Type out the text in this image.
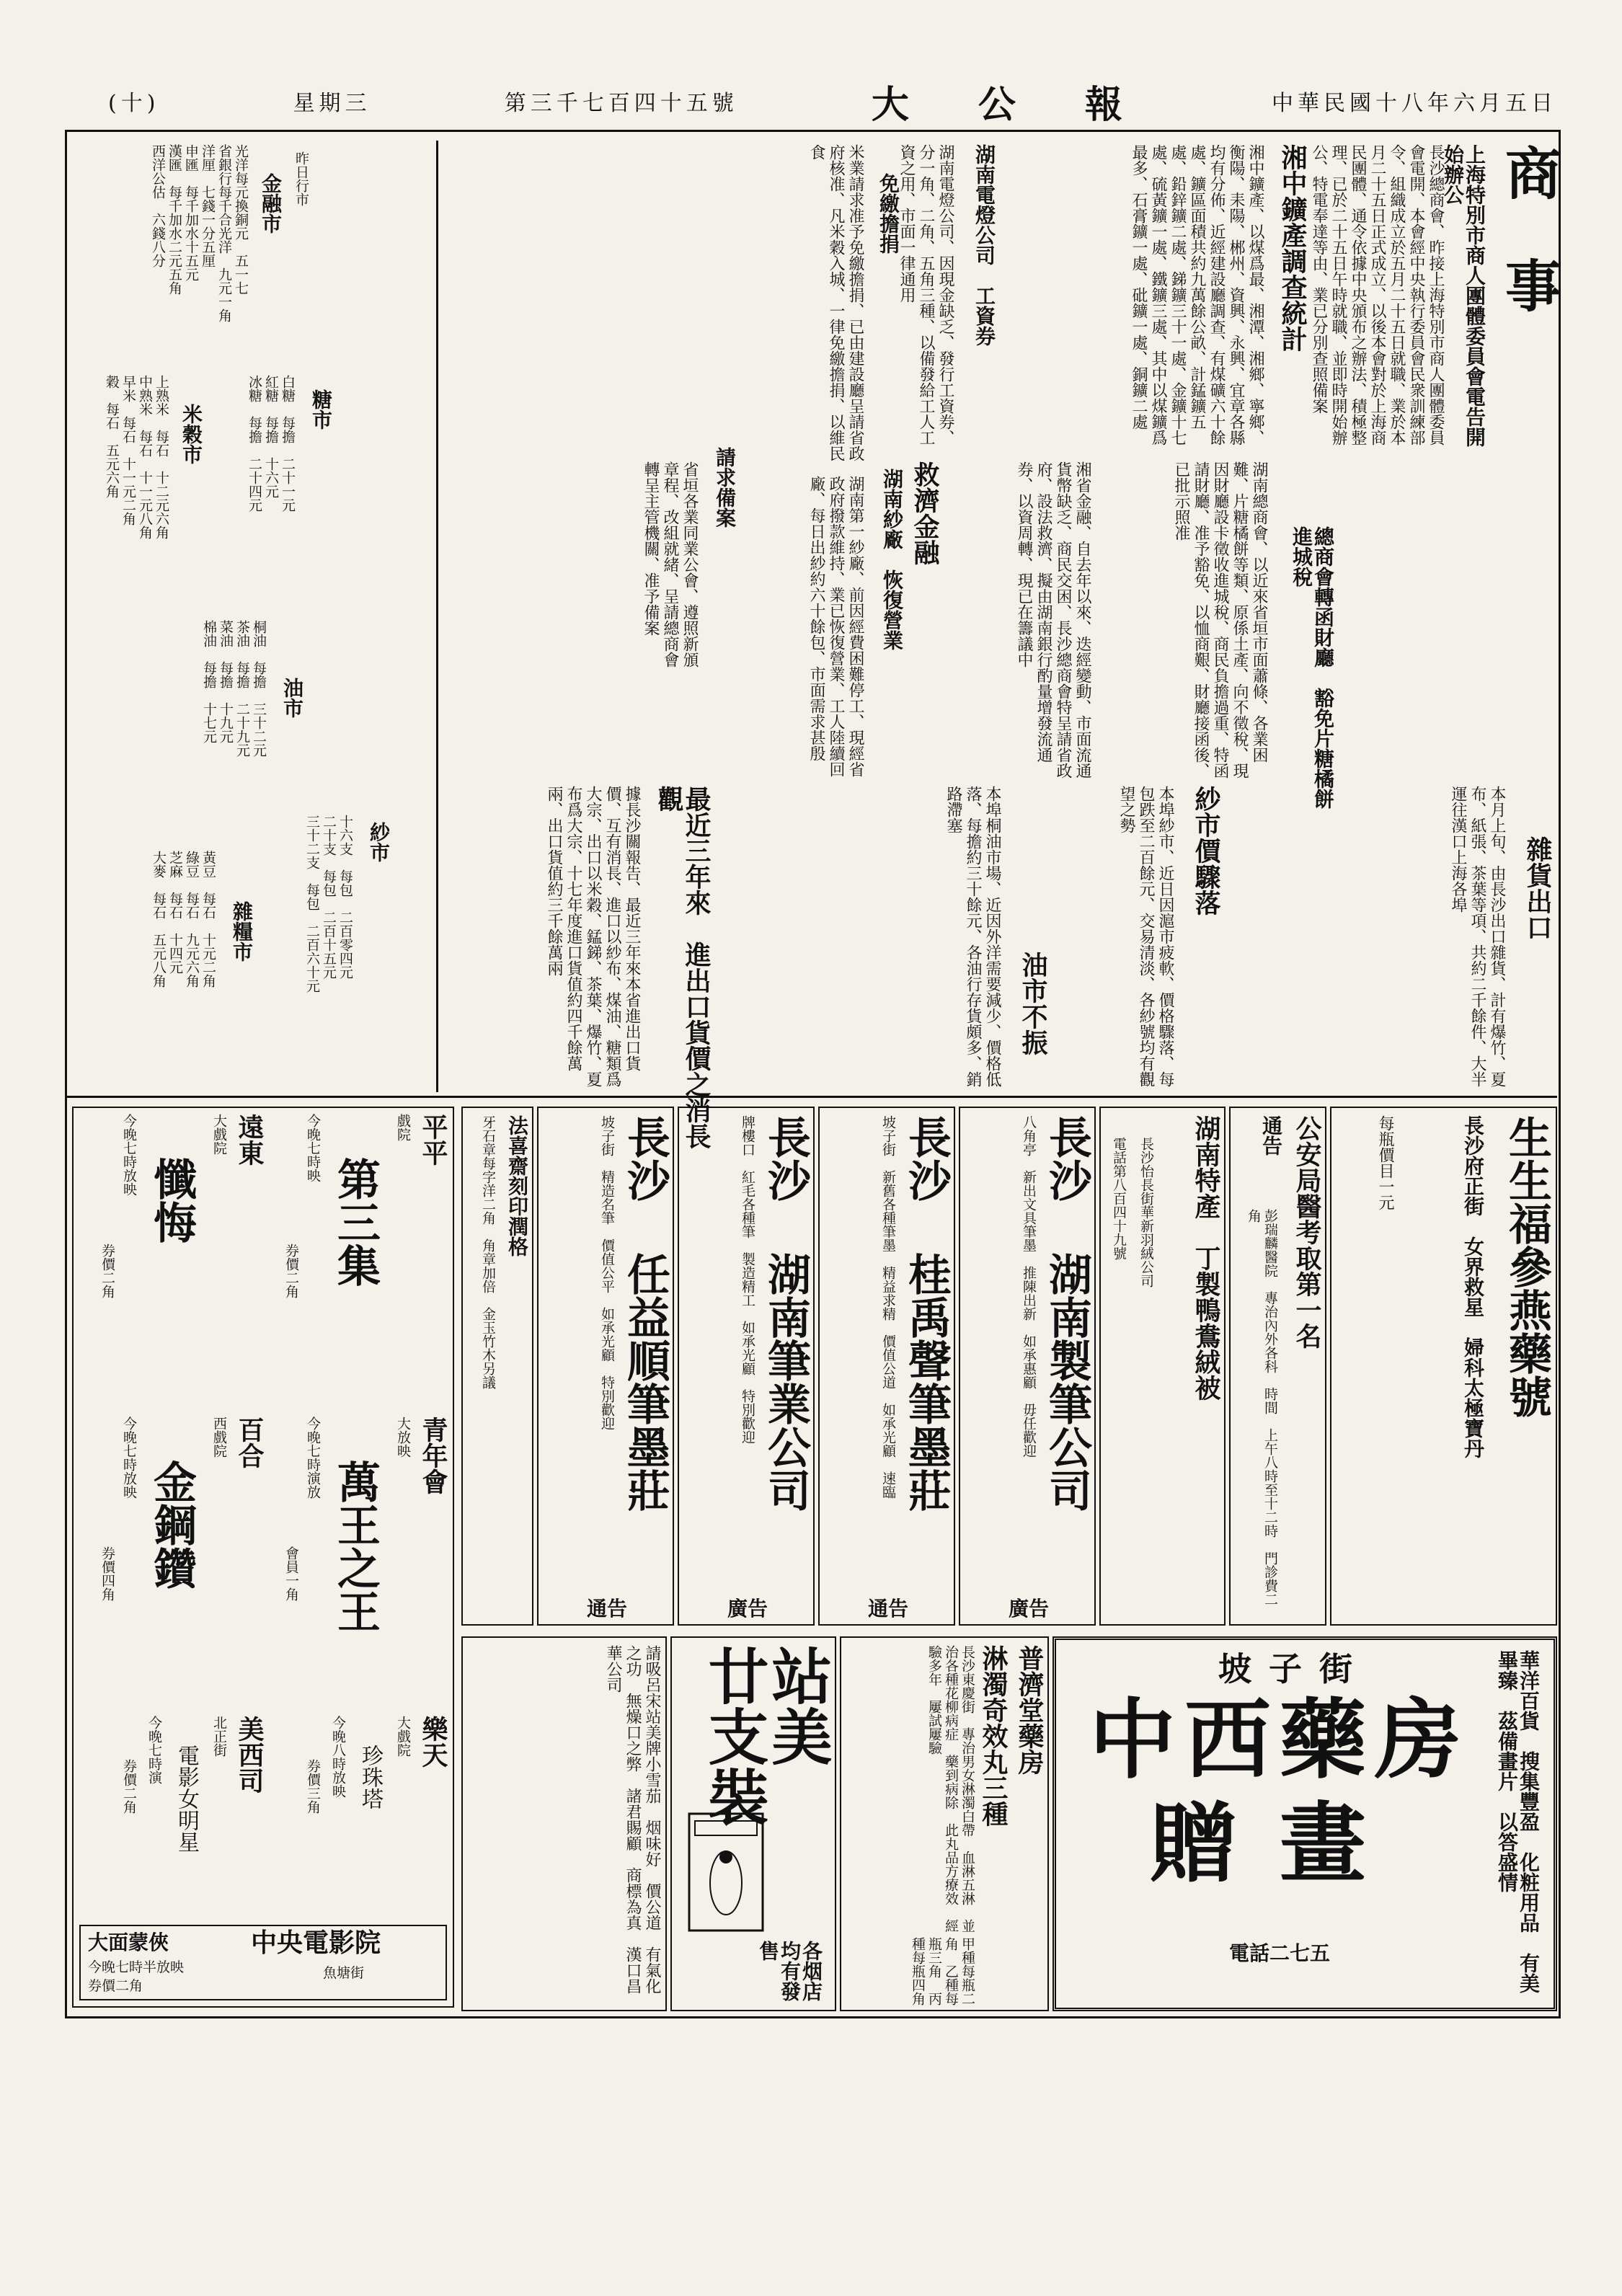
(十)	星期三	第三千七百四十五號	大　公　報	中華民國十八年六月五日
商　事
上海特別市商人團體委員會電告開始辦公
長沙總商會、昨接上海特別市商人團體委員會電開、本會經中央執行委員會民衆訓練部令、組織成立於五月二十五日就職、業於本月二十五日正式成立、以後本會對於上海商民團體、通令依據中央頒布之辦法、積極整理、已於二十五日午時就職、並即時開始辦公、特電奉達等由、業已分別查照備案
湘中鑛產調查統計
湘中鑛產、以煤爲最、湘潭、湘鄉、寧鄉、衡陽、耒陽、郴州、資興、永興、宜章各縣均有分佈、近經建設廳調查、有煤礦六十餘處、鑛區面積共約九萬餘公畝、計錳鑛五處、鉛鋅鑛二處、銻鑛三十一處、金鑛十七處、硫黃鑛一處、鐵鑛三處、其中以煤鑛爲最多、石膏鑛一處、砒鑛一處、銅鑛二處
總商會轉函財廳　豁免片糖橘餅進城稅
湖南總商會、以近來省垣市面蕭條、各業困難、片糖橘餅等類、原係土產、向不徵稅、現因財廳設卡徵收進城稅、商民負擔過重、特函請財廳、准予豁免、以恤商艱、財廳接函後、已批示照准
免繳擔捐
米業請求准予免繳擔捐、已由建設廳呈請省政府核准、凡米穀入城、一律免繳擔捐、以維民食
湖南紗廠　恢復營業
湖南第一紗廠、前因經費困難停工、現經省政府撥款維持、業已恢復營業、工人陸續回廠、每日出紗約六十餘包、市面需求甚殷	救濟金融	湘省金融、自去年以來、迭經變動、市面流通貨幣缺乏、商民交困、長沙總商會特呈請省政府、設法救濟、擬由湖南銀行酌量增發流通券、以資周轉、現已在籌議中
請求備案
省垣各業同業公會、遵照新頒章程、改組就緒、呈請總商會轉呈主管機關、准予備案
湖南電燈公司　工資券
湖南電燈公司、因現金缺乏、發行工資券、分一角、二角、五角三種、以備發給工人工資之用、市面一律通用
紗市價驟落
本埠紗市、近日因滬市疲軟、價格驟落、每包跌至二百餘元、交易清淡、各紗號均有觀望之勢
最近三年來　進出口貨價之消長觀
據長沙關報告、最近三年來本省進出口貨價、互有消長、進口以紗布、煤油、糖類爲大宗、出口以米穀、錳銻、茶葉、爆竹、夏布爲大宗、十七年度進口貨值約四千餘萬兩、出口貨值約三千餘萬兩
油市不振
本埠桐油市場、近因外洋需要減少、價格低落、每擔約三十餘元、各油行存貨頗多、銷路滯塞
雜貨出口
本月上旬、由長沙出口雜貨、計有爆竹、夏布、紙張、茶葉等項、共約二千餘件、大半運往漢口上海各埠
金融市 昨日行市
光洋每元換銅元　五一七
省銀行每千合光洋　九元一角
洋厘　七錢一分五厘
申匯　每千加水十五元
漢匯　每千加水二元五角
西洋公估　六錢八分
糖市
白糖　每擔　二十一元
紅糖　每擔　十六元
冰糖　每擔　二十四元
米穀市
上熟米　每石　十二元六角
中熟米　每石　十一元八角
早米　每石　十一元二角
穀　每石　五元六角
油市
桐油　每擔　三十二元
茶油　每擔　二十九元
菜油　每擔　十九元
棉油　每擔　十七元
紗市
十六支　每包　二百零四元
二十支　每包　二百十五元
三十二支　每包　二百六十元
雜糧市
黃豆　每石　十元二角
綠豆　每石　九元六角
芝麻　每石　十四元
大麥　每石　五元八角
遠東
大戲院
懺悔
今晚七時放映
券價二角
平平
戲院
第三集
今晚七時映
券價二角
百合
西戲院
金鋼鑽
今晚七時放映
券價四角
青年會
大放映
萬王之王
今晚七時演放
會員一角
美西司
北正街
電影女明星
今晚七時演
券價二角
樂天
大戲院
珍珠塔
今晚八時放映
券價三角
中央電影院
魚塘街
大面蒙俠
今晚七時半放映
券價二角
法喜齋刻印潤格
牙石章每字洋二角　角章加倍　金玉竹木另議	長沙 任益順筆墨莊
坡子街　精造名筆　價值公平　如承光顧　特別歡迎
通告
長沙 湖南筆業公司
牌樓口　紅毛各種筆　製造精工　如承光顧　特別歡迎
廣告
長沙 桂禹聲筆墨莊
坡子街　新舊各種筆墨　精益求精　價值公道　如承光顧　速臨
通告
長沙 湖南製筆公司
八角亭　新出文具筆墨　推陳出新　如承惠顧　毋任歡迎
廣告
湖南特產　丁製鴨鴦絨被
長沙怡長街華新羽絨公司
電話第八百四十九號	公安局醫考取第一名
通告
彭瑞麟醫院　專治內外各科　時間　上午八時至十二時　門診費二角	生生福參燕藥號
長沙府正街　女界救星　婦科太極寶丹
每瓶價目一元
請吸呂宋站美牌小雪茄　烟味好　價公道　有氣化之功　無燥口之弊　諸君賜顧　商標為真　漢口昌華公司	站美　廿支裝
各烟店均有發售
普濟堂藥房
淋濁奇效丸三種
長沙東慶街　專治男女淋濁白帶　血淋五淋　並治各種花柳病症　藥到病除　此丸品方療效　經驗多年　屢試屢驗
甲種每瓶二角　乙種每瓶三角　丙種每瓶四角	華洋百貨　搜集豐盈　化粧用品　有美畢臻　茲備畫片　以答盛情
坡子街
中西藥房
贈畫
電話二七五
